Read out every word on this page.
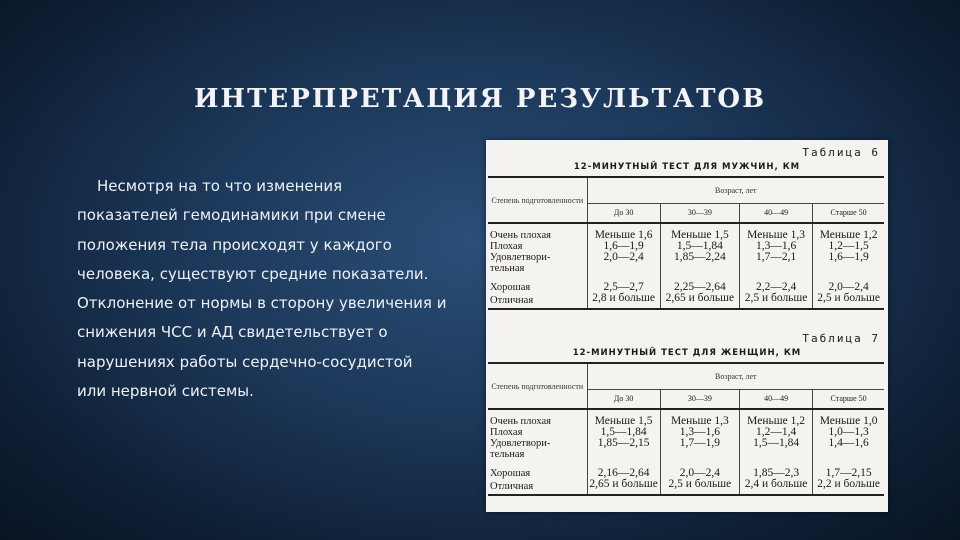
ИНТЕРПРЕТАЦИЯ РЕЗУЛЬТАТОВ

Несмотря на то что изменения

показателей гемодинамики при смене
положения тела происходят у каждого
человека, существуют средние показатели.
Отклонение от нормы в сторону увеличения и
снижения ЧСС и АД свидетельствует о
нарушениях работы сердечно-сосудистой
или нервной системы.
Таблица 6
12-МИНУТНЫЙ ТЕСТ ДЛЯ МУЖЧИН, КМ
Степень подготовленности	Возраст, лет			
	До 30	30—39	40—49	Старше 50
Очень плохая	Меньше 1,6	Меньше 1,5	Меньше 1,3	Меньше 1,2
Плохая	1,6—1,9	1,5—1,84	1,3—1,6	1,2—1,5
Удовлетвори-	2,0—2,4	1,85—2,24	1,7—2,1	1,6—1,9
тельная				
Хорошая	2,5—2,7	2,25—2,64	2,2—2,4	2,0—2,4
Отличная	2,8 и больше	2,65 и больше	2,5 и больше	2,5 и больше
Таблица 7
12-МИНУТНЫЙ ТЕСТ ДЛЯ ЖЕНЩИН, КМ
Степень подготовленности	Возраст, лет			
	До 30	30—39	40—49	Старше 50
Очень плохая	Меньше 1,5	Меньше 1,3	Меньше 1,2	Меньше 1,0
Плохая	1,5—1,84	1,3—1,6	1,2—1,4	1,0—1,3
Удовлетвори-	1,85—2,15	1,7—1,9	1,5—1,84	1,4—1,6
тельная				
Хорошая	2,16—2,64	2,0—2,4	1,85—2,3	1,7—2,15
Отличная	2,65 и больше	2,5 и больше	2,4 и больше	2,2 и больше
